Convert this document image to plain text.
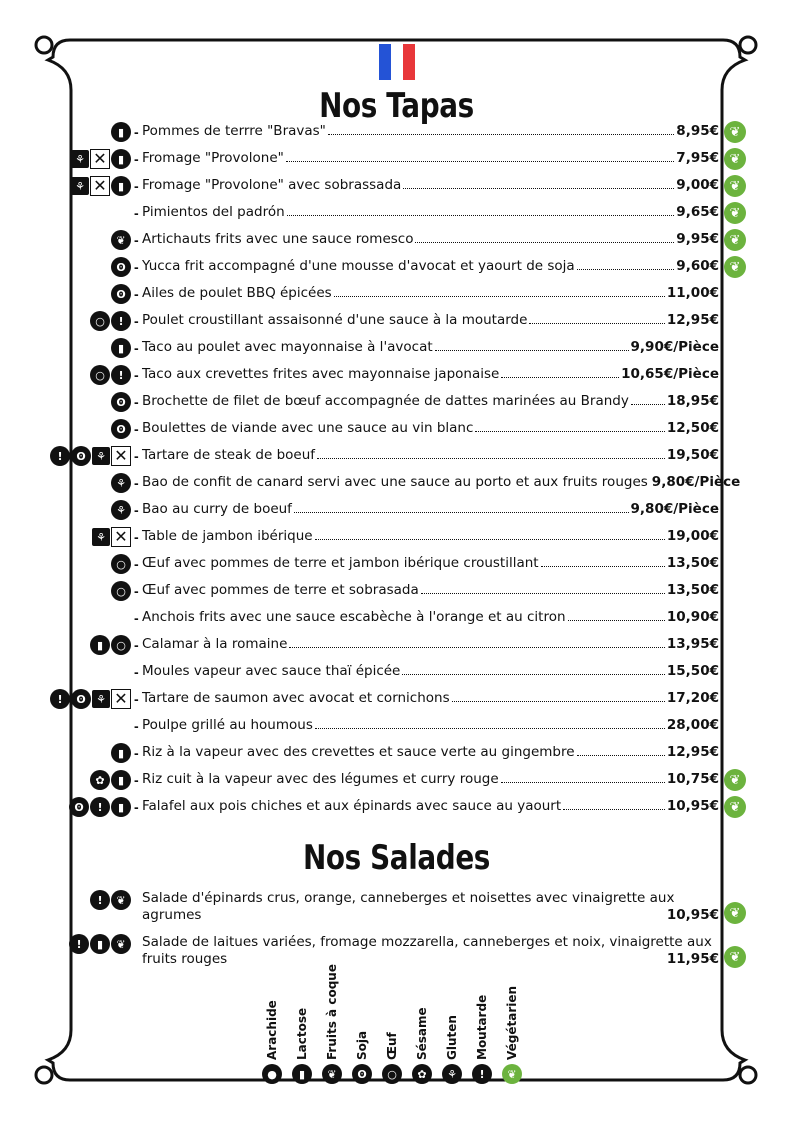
Nos Tapas
▮ - Pommes de terrre "Bravas"	8,95€ ❦
⚘ ✕	▮ - Fromage "Provolone"	7,95€ ❦
⚘ ✕	▮ - Fromage "Provolone" avec sobrassada	9,00€ ❦
- Pimientos del padrón	9,65€ ❦
❦ - Artichauts frits avec une sauce romesco	9,95€ ❦
ʘ - Yucca frit accompagné d'une mousse d'avocat et yaourt de soja	9,60€ ❦
ʘ - Ailes de poulet BBQ épicées	11,00€
○	ǃ - Poulet croustillant assaisonné d'une sauce à la moutarde	12,95€
▮ - Taco au poulet avec mayonnaise à l'avocat	9,90€/Pièce
○	ǃ - Taco aux crevettes frites avec mayonnaise japonaise	10,65€/Pièce
ʘ - Brochette de filet de bœuf accompagnée de dattes marinées au Brandy	18,95€
ʘ - Boulettes de viande avec une sauce au vin blanc	12,50€
ǃ	ʘ ⚘ ✕ - Tartare de steak de boeuf	19,50€
⚘ - Bao de confit de canard servi avec une sauce au porto et aux fruits rouges 9,80€/Pièce
⚘ - Bao au curry de boeuf	9,80€/Pièce
⚘ ✕ - Table de jambon ibérique	19,00€
○ - Œuf avec pommes de terre et jambon ibérique croustillant	13,50€
○ - Œuf avec pommes de terre et sobrasada	13,50€
- Anchois frits avec une sauce escabèche à l'orange et au citron	10,90€
▮	○ - Calamar à la romaine	13,95€
- Moules vapeur avec sauce thaï épicée	15,50€
ǃ	ʘ ⚘ ✕ - Tartare de saumon avec avocat et cornichons	17,20€
- Poulpe grillé au houmous	28,00€
▮ - Riz à la vapeur avec des crevettes et sauce verte au gingembre	12,95€
✿	▮ - Riz cuit à la vapeur avec des légumes et curry rouge	10,75€ ❦
ʘ	ǃ	▮ - Falafel aux pois chiches et aux épinards avec sauce au yaourt	10,95€ ❦
Nos Salades
ǃ	❦	Salade d'épinards crus, orange, canneberges et noisettes avec vinaigrette aux agrumes	10,95€ ❦
ǃ	▮	❦	Salade de laitues variées, fromage mozzarella, canneberges et noix, vinaigrette aux fruits rouges	11,95€ ❦
Arachide
●
Lactose
▮
Fruits à coque
❦
Soja
ʘ
Œuf
○
Sésame
✿
Gluten
⚘
Moutarde
ǃ
Végétarien
❦
